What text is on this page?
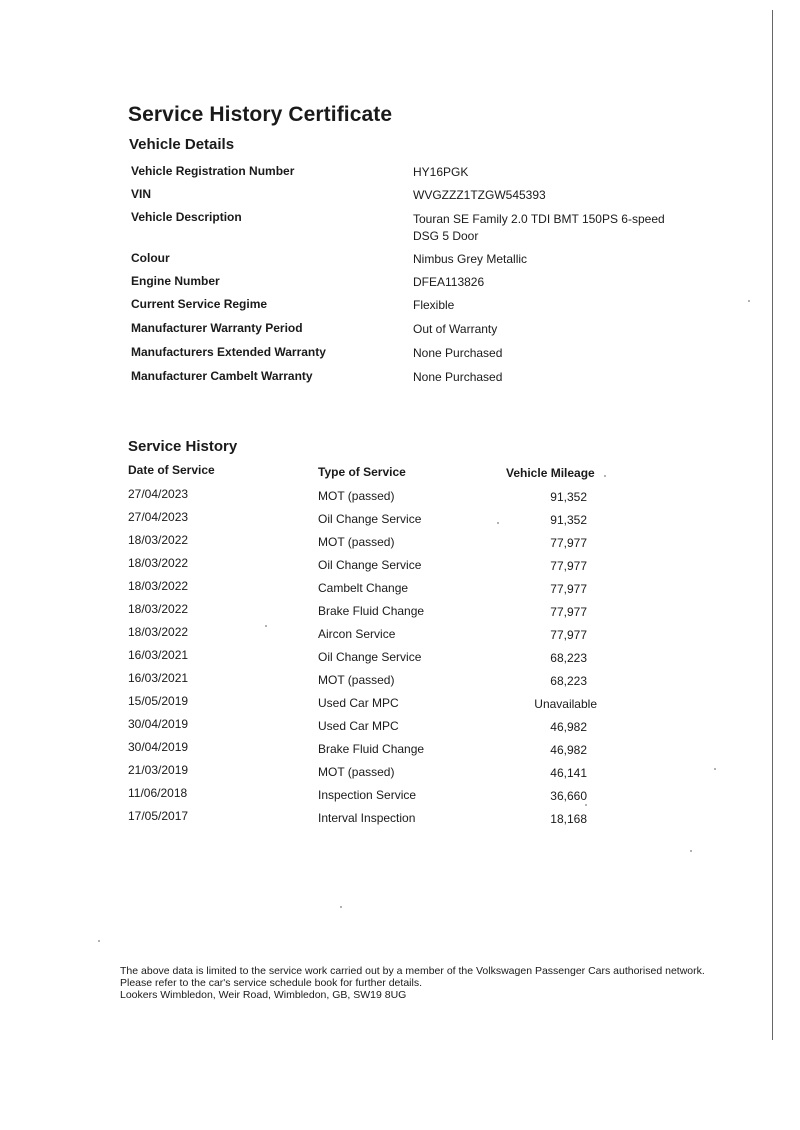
Service History Certificate
Vehicle Details
Vehicle Registration Number	HY16PGK
VIN	WVGZZZ1TZGW545393
Vehicle Description	Touran SE Family 2.0 TDI BMT 150PS 6-speed
DSG 5 Door
Colour	Nimbus Grey Metallic
Engine Number	DFEA113826
Current Service Regime	Flexible
Manufacturer Warranty Period	Out of Warranty
Manufacturers Extended Warranty	None Purchased
Manufacturer Cambelt Warranty	None Purchased
Service History
Date of Service	Type of Service	Vehicle Mileage
27/04/2023	MOT (passed)	91,352
27/04/2023	Oil Change Service	91,352
18/03/2022	MOT (passed)	77,977
18/03/2022	Oil Change Service	77,977
18/03/2022	Cambelt Change	77,977
18/03/2022	Brake Fluid Change	77,977
18/03/2022	Aircon Service	77,977
16/03/2021	Oil Change Service	68,223
16/03/2021	MOT (passed)	68,223
15/05/2019	Used Car MPC	Unavailable
30/04/2019	Used Car MPC	46,982
30/04/2019	Brake Fluid Change	46,982
21/03/2019	MOT (passed)	46,141
11/06/2018	Inspection Service	36,660
17/05/2017	Interval Inspection	18,168
The above data is limited to the service work carried out by a member of the Volkswagen Passenger Cars authorised network.
Please refer to the car's service schedule book for further details.
Lookers Wimbledon, Weir Road, Wimbledon, GB, SW19 8UG
